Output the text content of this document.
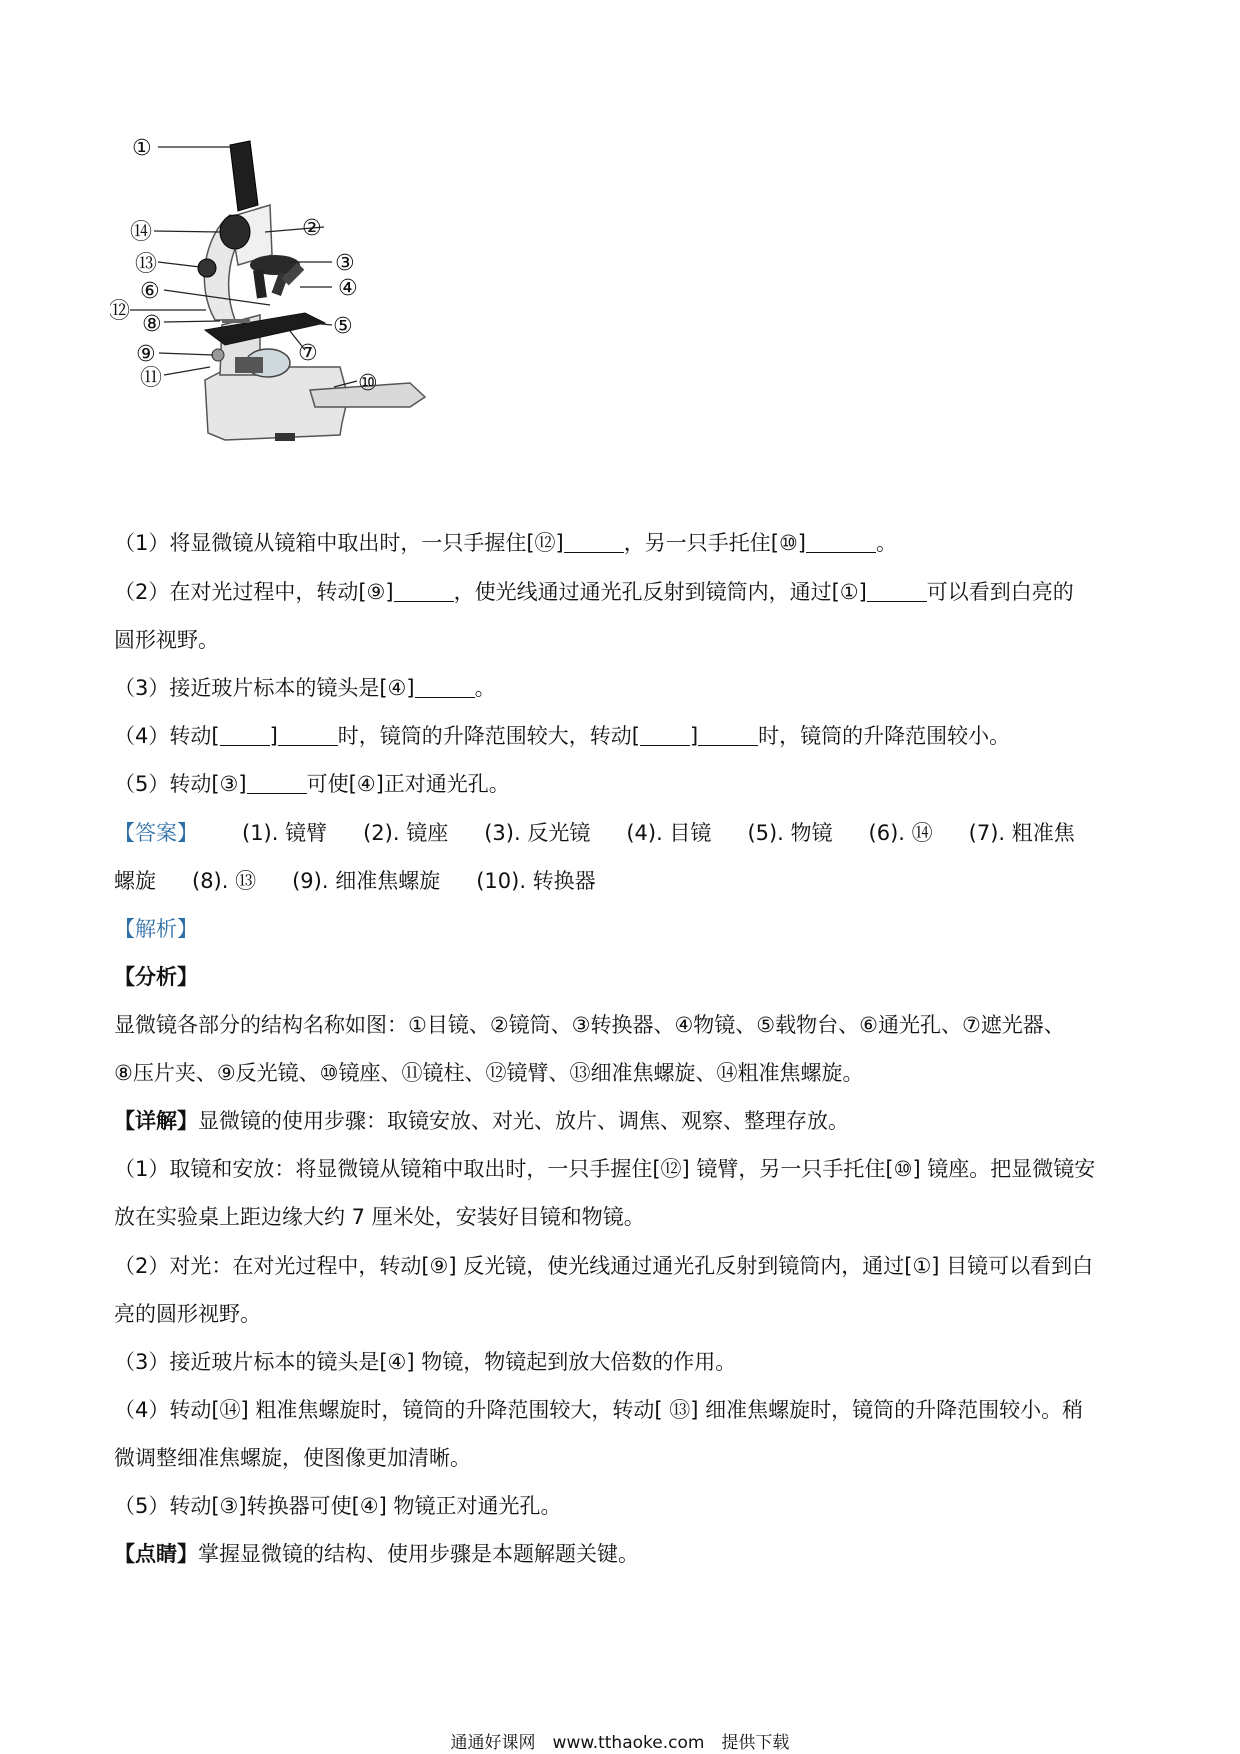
①
②
③
④
⑤
⑥
⑦
⑧
⑨
⑩
⑪
⑫
⑬
⑭
（1）将显微镜从镜箱中取出时，一只手握住[⑫]	，另一只手托住[⑩]	。
（2）在对光过程中，转动[⑨]	，使光线通过通光孔反射到镜筒内，通过[①]	可以看到白亮的
圆形视野。
（3）接近玻片标本的镜头是[④]	。
（4）转动[ ]	时，镜筒的升降范围较大，转动[ ]	时，镜筒的升降范围较小。
（5）转动[③]	可使[④]正对通光孔。
【答案】 (1). 镜臂 (2). 镜座 (3). 反光镜 (4). 目镜 (5). 物镜 (6). ⑭ (7). 粗准焦
螺旋 (8). ⑬ (9). 细准焦螺旋 (10). 转换器
【解析】
【分析】
显微镜各部分的结构名称如图：①目镜、②镜筒、③转换器、④物镜、⑤载物台、⑥通光孔、⑦遮光器、
⑧压片夹、⑨反光镜、⑩镜座、⑪镜柱、⑫镜臂、⑬细准焦螺旋、⑭粗准焦螺旋。
【详解】显微镜的使用步骤：取镜安放、对光、放片、调焦、观察、整理存放。
（1）取镜和安放：将显微镜从镜箱中取出时，一只手握住[⑫] 镜臂，另一只手托住[⑩] 镜座。把显微镜安
放在实验桌上距边缘大约 7 厘米处，安装好目镜和物镜。
（2）对光：在对光过程中，转动[⑨] 反光镜，使光线通过通光孔反射到镜筒内，通过[①] 目镜可以看到白
亮的圆形视野。
（3）接近玻片标本的镜头是[④] 物镜，物镜起到放大倍数的作用。
（4）转动[⑭] 粗准焦螺旋时，镜筒的升降范围较大，转动[ ⑬] 细准焦螺旋时，镜筒的升降范围较小。稍
微调整细准焦螺旋，使图像更加清晰。
（5）转动[③]转换器可使[④] 物镜正对通光孔。
【点睛】掌握显微镜的结构、使用步骤是本题解题关键。
通通好课网　www.tthaoke.com　提供下载
